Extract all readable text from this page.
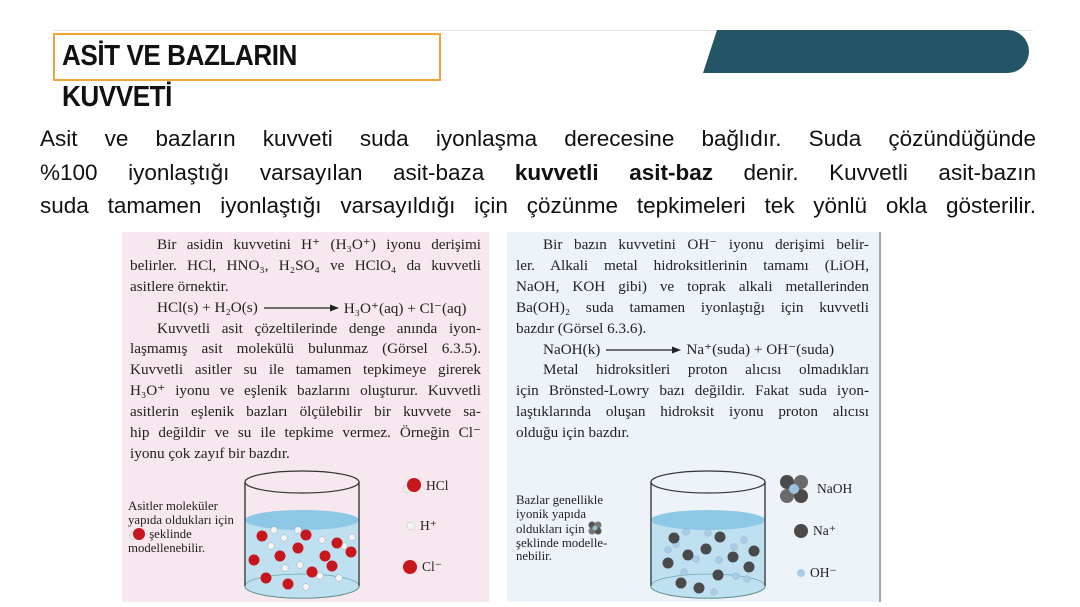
ASİT VE BAZLARIN
KUVVETİ
Asit ve bazların kuvveti suda iyonlaşma derecesine bağlıdır. Suda çözündüğünde
%100 iyonlaştığı varsayılan asit-baza kuvvetli asit-baz denir. Kuvvetli asit-bazın
suda tamamen iyonlaştığı varsayıldığı için çözünme tepkimeleri tek yönlü okla gösterilir.
Bir asidin kuvvetini H⁺ (H₃O⁺) iyonu derişimi
belirler. HCl, HNO₃, H₂SO₄ ve HClO₄ da kuvvetli
asitlere örnektir.
HCl(s) + H₂O(s)	H₃O⁺(aq) + Cl⁻(aq)
Kuvvetli asit çözeltilerinde denge anında iyon-
laşmamış asit molekülü bulunmaz (Görsel 6.3.5).
Kuvvetli asitler su ile tamamen tepkimeye girerek
H₃O⁺ iyonu ve eşlenik bazlarını oluşturur. Kuvvetli
asitlerin eşlenik bazları ölçülebilir bir kuvvete sa-
hip değildir ve su ile tepkime vermez. Örneğin Cl⁻
iyonu çok zayıf bir bazdır.
Asitler moleküler yapıda oldukları için  şeklinde modellenebilir.
HCl
H⁺
Cl⁻
Bir bazın kuvvetini OH⁻ iyonu derişimi belir-
ler. Alkali metal hidroksitlerinin tamamı (LiOH,
NaOH, KOH gibi) ve toprak alkali metallerinden
Ba(OH)₂ suda tamamen iyonlaştığı için kuvvetli
bazdır (Görsel 6.3.6).
NaOH(k)	Na⁺(suda) + OH⁻(suda)
Metal hidroksitleri proton alıcısı olmadıkları
için Brönsted-Lowry bazı değildir. Fakat suda iyon-
laştıklarında oluşan hidroksit iyonu proton alıcısı
olduğu için bazdır.
Bazlar genellikle iyonik yapıda oldukları için  şeklinde modelle-nebilir.
NaOH
Na⁺
OH⁻
